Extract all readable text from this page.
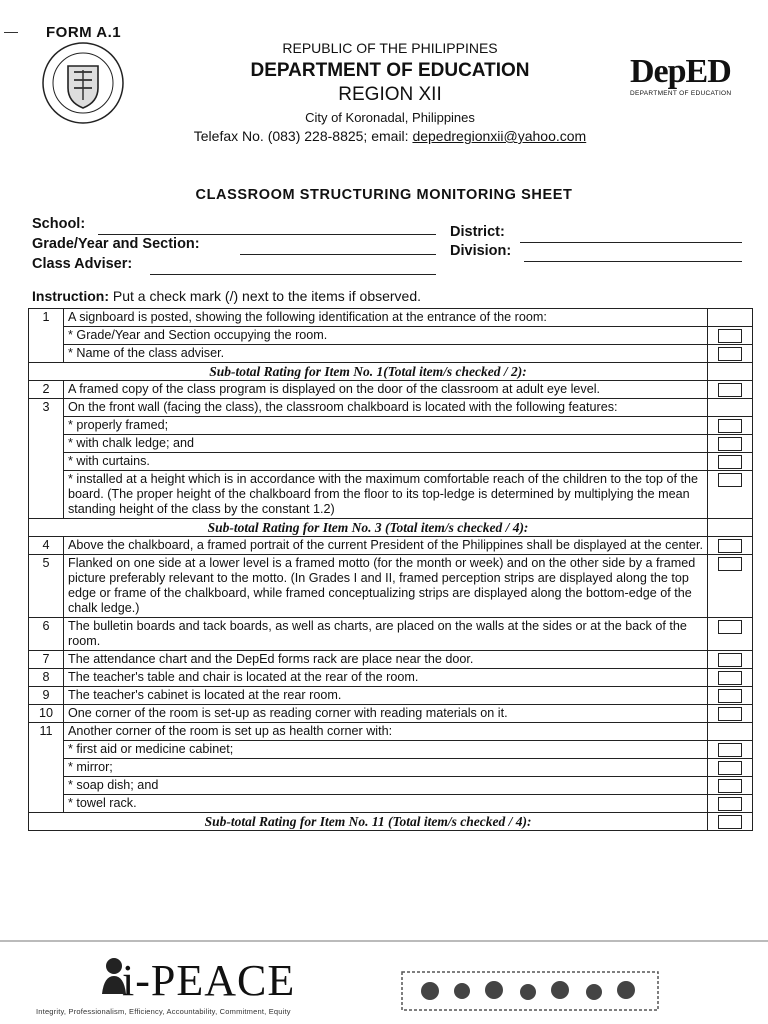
FORM A.1
REPUBLIC OF THE PHILIPPINES
DEPARTMENT OF EDUCATION
REGION XII
City of Koronadal, Philippines
Telefax No. (083) 228-8825; email: depedregionxii@yahoo.com
DepED
DEPARTMENT OF EDUCATION
CLASSROOM STRUCTURING MONITORING SHEET
School:
Grade/Year and Section:
Class Adviser:
District:
Division:
Instruction: Put a check mark (/) next to the items if observed.
1	A signboard is posted, showing the following identification at the entrance of the room:	
	* Grade/Year and Section occupying the room.	
	* Name of the class adviser.	
Sub-total Rating for Item No. 1(Total item/s checked / 2):		
2	A framed copy of the class program is displayed on the door of the classroom at adult eye level.	
3	On the front wall (facing the class), the classroom chalkboard is located with the following features:	
	* properly framed;	
	* with chalk ledge; and	
	* with curtains.	
	* installed at a height which is in accordance with the maximum comfortable reach of the children to the top of the board. (The proper height of the chalkboard from the floor to its top-ledge is determined by multiplying the mean standing height of the class by the constant 1.2)	
Sub-total Rating for Item No. 3 (Total item/s checked / 4):		
4	Above the chalkboard, a framed portrait of the current President of the Philippines shall be displayed at the center.	
5	Flanked on one side at a lower level is a framed motto (for the month or week) and on the other side by a framed picture preferably relevant to the motto. (In Grades I and II, framed perception strips are displayed along the top edge or frame of the chalkboard, while framed conceptualizing strips are displayed along the bottom-edge of the chalk ledge.)	
6	The bulletin boards and tack boards, as well as charts, are placed on the walls at the sides or at the back of the room.	
7	The attendance chart and the DepEd forms rack are place near the door.	
8	The teacher's table and chair is located at the rear of the room.	
9	The teacher's cabinet is located at the rear room.	
10	One corner of the room is set-up as reading corner with reading materials on it.	
11	Another corner of the room is set up as health corner with:	
	* first aid or medicine cabinet;	
	* mirror;	
	* soap dish; and	
	* towel rack.	
Sub-total Rating for Item No. 11 (Total item/s checked / 4):		
i-PEACE
Integrity, Professionalism, Efficiency, Accountability, Commitment, Equity
